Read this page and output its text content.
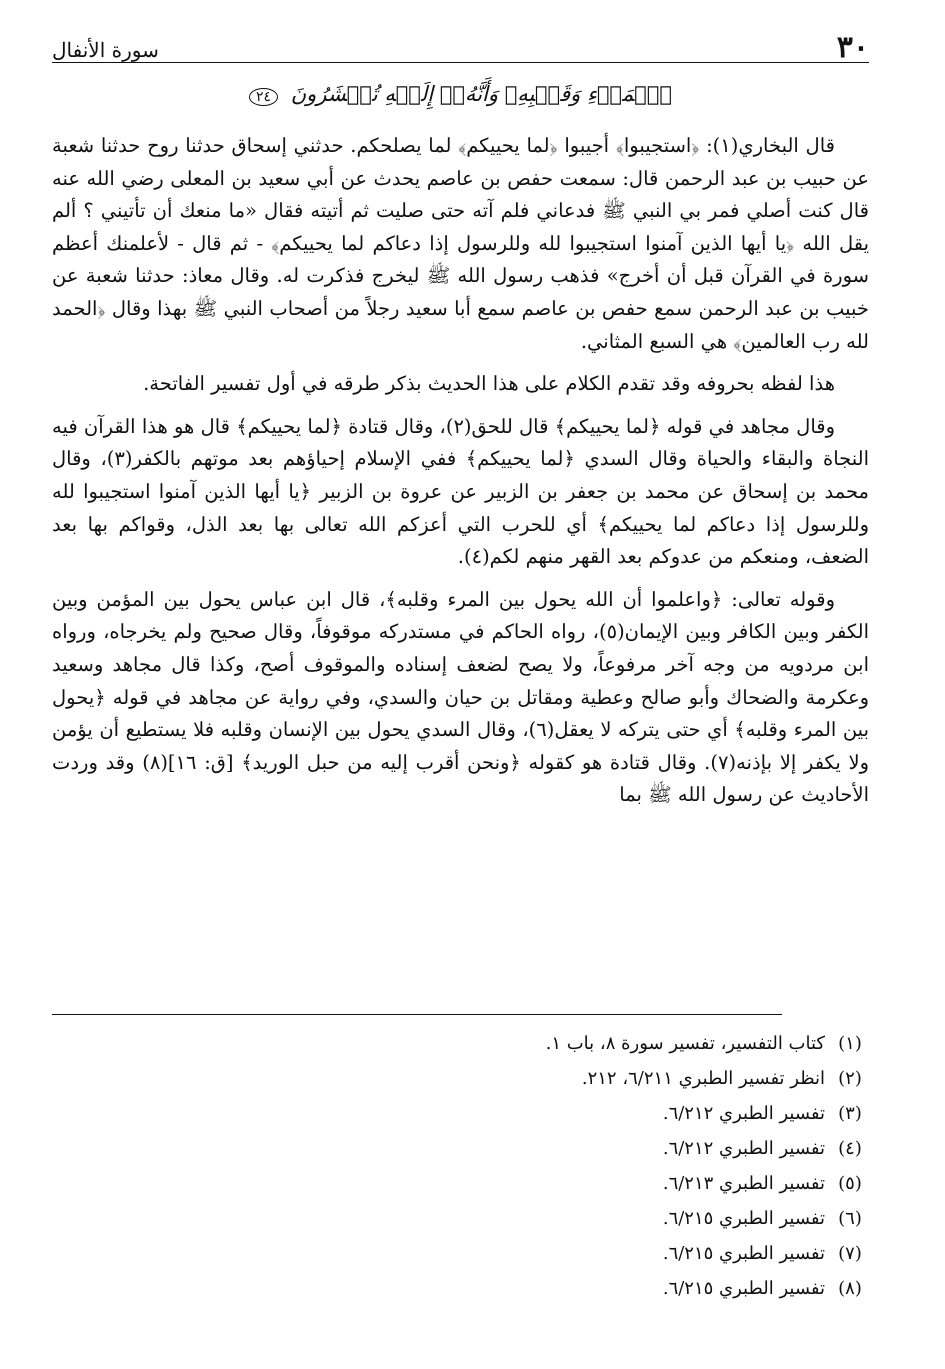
٣٠
سورة الأنفال
ٱلۡمَرۡءِ وَقَلۡبِهِۦ وَأَنَّهُۥٓ إِلَيۡهِ تُحۡشَرُونَ ٢٤

قال البخاري(١): ﴿استجيبوا﴾ أجيبوا ﴿لما يحييكم﴾ لما يصلحكم. حدثني إسحاق حدثنا روح حدثنا شعبة عن حبيب بن عبد الرحمن قال: سمعت حفص بن عاصم يحدث عن أبي سعيد بن المعلى رضي الله عنه قال كنت أصلي فمر بي النبي ﷺ فدعاني فلم آته حتى صليت ثم أتيته فقال «ما منعك أن تأتيني ؟ ألم يقل الله ﴿يا أيها الذين آمنوا استجيبوا لله وللرسول إذا دعاكم لما يحييكم﴾ - ثم قال - لأعلمنك أعظم سورة في القرآن قبل أن أخرج» فذهب رسول الله ﷺ ليخرج فذكرت له. وقال معاذ: حدثنا شعبة عن خبيب بن عبد الرحمن سمع حفص بن عاصم سمع أبا سعيد رجلاً من أصحاب النبي ﷺ بهذا وقال ﴿الحمد لله رب العالمين﴾ هي السبع المثاني.

هذا لفظه بحروفه وقد تقدم الكلام على هذا الحديث بذكر طرقه في أول تفسير الفاتحة.

وقال مجاهد في قوله ﴿لما يحييكم﴾ قال للحق(٢)، وقال قتادة ﴿لما يحييكم﴾ قال هو هذا القرآن فيه النجاة والبقاء والحياة وقال السدي ﴿لما يحييكم﴾ ففي الإسلام إحياؤهم بعد موتهم بالكفر(٣)، وقال محمد بن إسحاق عن محمد بن جعفر بن الزبير عن عروة بن الزبير ﴿يا أيها الذين آمنوا استجيبوا لله وللرسول إذا دعاكم لما يحييكم﴾ أي للحرب التي أعزكم الله تعالى بها بعد الذل، وقواكم بها بعد الضعف، ومنعكم من عدوكم بعد القهر منهم لكم(٤).

وقوله تعالى: ﴿واعلموا أن الله يحول بين المرء وقلبه﴾، قال ابن عباس يحول بين المؤمن وبين الكفر وبين الكافر وبين الإيمان(٥)، رواه الحاكم في مستدركه موقوفاً، وقال صحيح ولم يخرجاه، ورواه ابن مردويه من وجه آخر مرفوعاً، ولا يصح لضعف إسناده والموقوف أصح، وكذا قال مجاهد وسعيد وعكرمة والضحاك وأبو صالح وعطية ومقاتل بن حيان والسدي، وفي رواية عن مجاهد في قوله ﴿يحول بين المرء وقلبه﴾ أي حتى يتركه لا يعقل(٦)، وقال السدي يحول بين الإنسان وقلبه فلا يستطيع أن يؤمن ولا يكفر إلا بإذنه(٧). وقال قتادة هو كقوله ﴿ونحن أقرب إليه من حبل الوريد﴾ [ق: ١٦](٨) وقد وردت الأحاديث عن رسول الله ﷺ بما

(١)
كتاب التفسير، تفسير سورة ٨، باب ١.
(٢)
انظر تفسير الطبري ٦/٢١١، ٢١٢.
(٣)
تفسير الطبري ٦/٢١٢.
(٤)
تفسير الطبري ٦/٢١٢.
(٥)
تفسير الطبري ٦/٢١٣.
(٦)
تفسير الطبري ٦/٢١٥.
(٧)
تفسير الطبري ٦/٢١٥.
(٨)
تفسير الطبري ٦/٢١٥.
